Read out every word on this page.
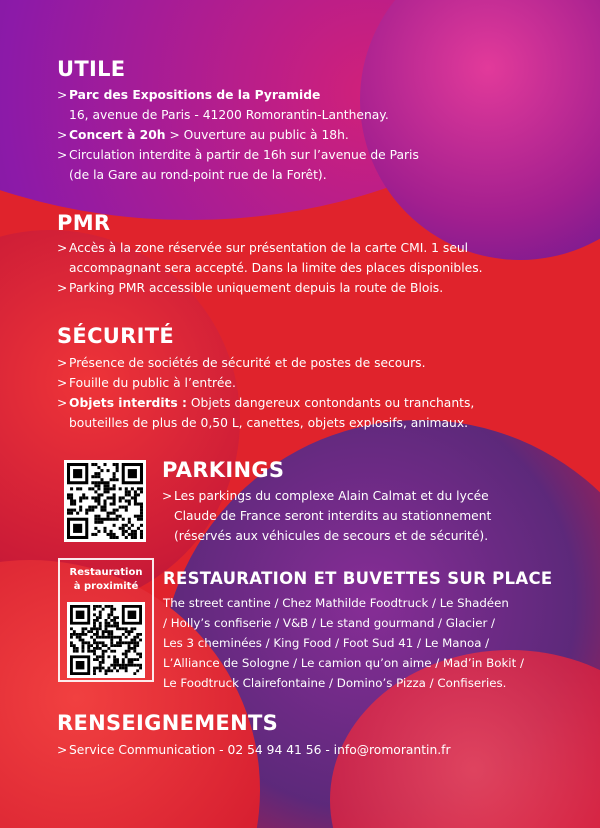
UTILE
> Parc des Expositions de la Pyramide
16, avenue de Paris - 41200 Romorantin-Lanthenay.
> Concert à 20h > Ouverture au public à 18h.
> Circulation interdite à partir de 16h sur l’avenue de Paris
(de la Gare au rond-point rue de la Forêt).
PMR
> Accès à la zone réservée sur présentation de la carte CMI. 1 seul
accompagnant sera accepté. Dans la limite des places disponibles.
> Parking PMR accessible uniquement depuis la route de Blois.
SÉCURITÉ
> Présence de sociétés de sécurité et de postes de secours.
> Fouille du public à l’entrée.
> Objets interdits : Objets dangereux contondants ou tranchants,
bouteilles de plus de 0,50 L, canettes, objets explosifs, animaux.
PARKINGS
> Les parkings du complexe Alain Calmat et du lycée
Claude de France seront interdits au stationnement
(réservés aux véhicules de secours et de sécurité).
Restauration
à proximité	RESTAURATION ET BUVETTES SUR PLACE
The street cantine / Chez Mathilde Foodtruck / Le Shadéen
/ Holly’s confiserie / V&B / Le stand gourmand / Glacier /
Les 3 cheminées / King Food / Foot Sud 41 / Le Manoa /
L’Alliance de Sologne / Le camion qu’on aime / Mad’in Bokit /
Le Foodtruck Clairefontaine / Domino’s Pizza / Confiseries.
RENSEIGNEMENTS
> Service Communication - 02 54 94 41 56 - info@romorantin.fr
